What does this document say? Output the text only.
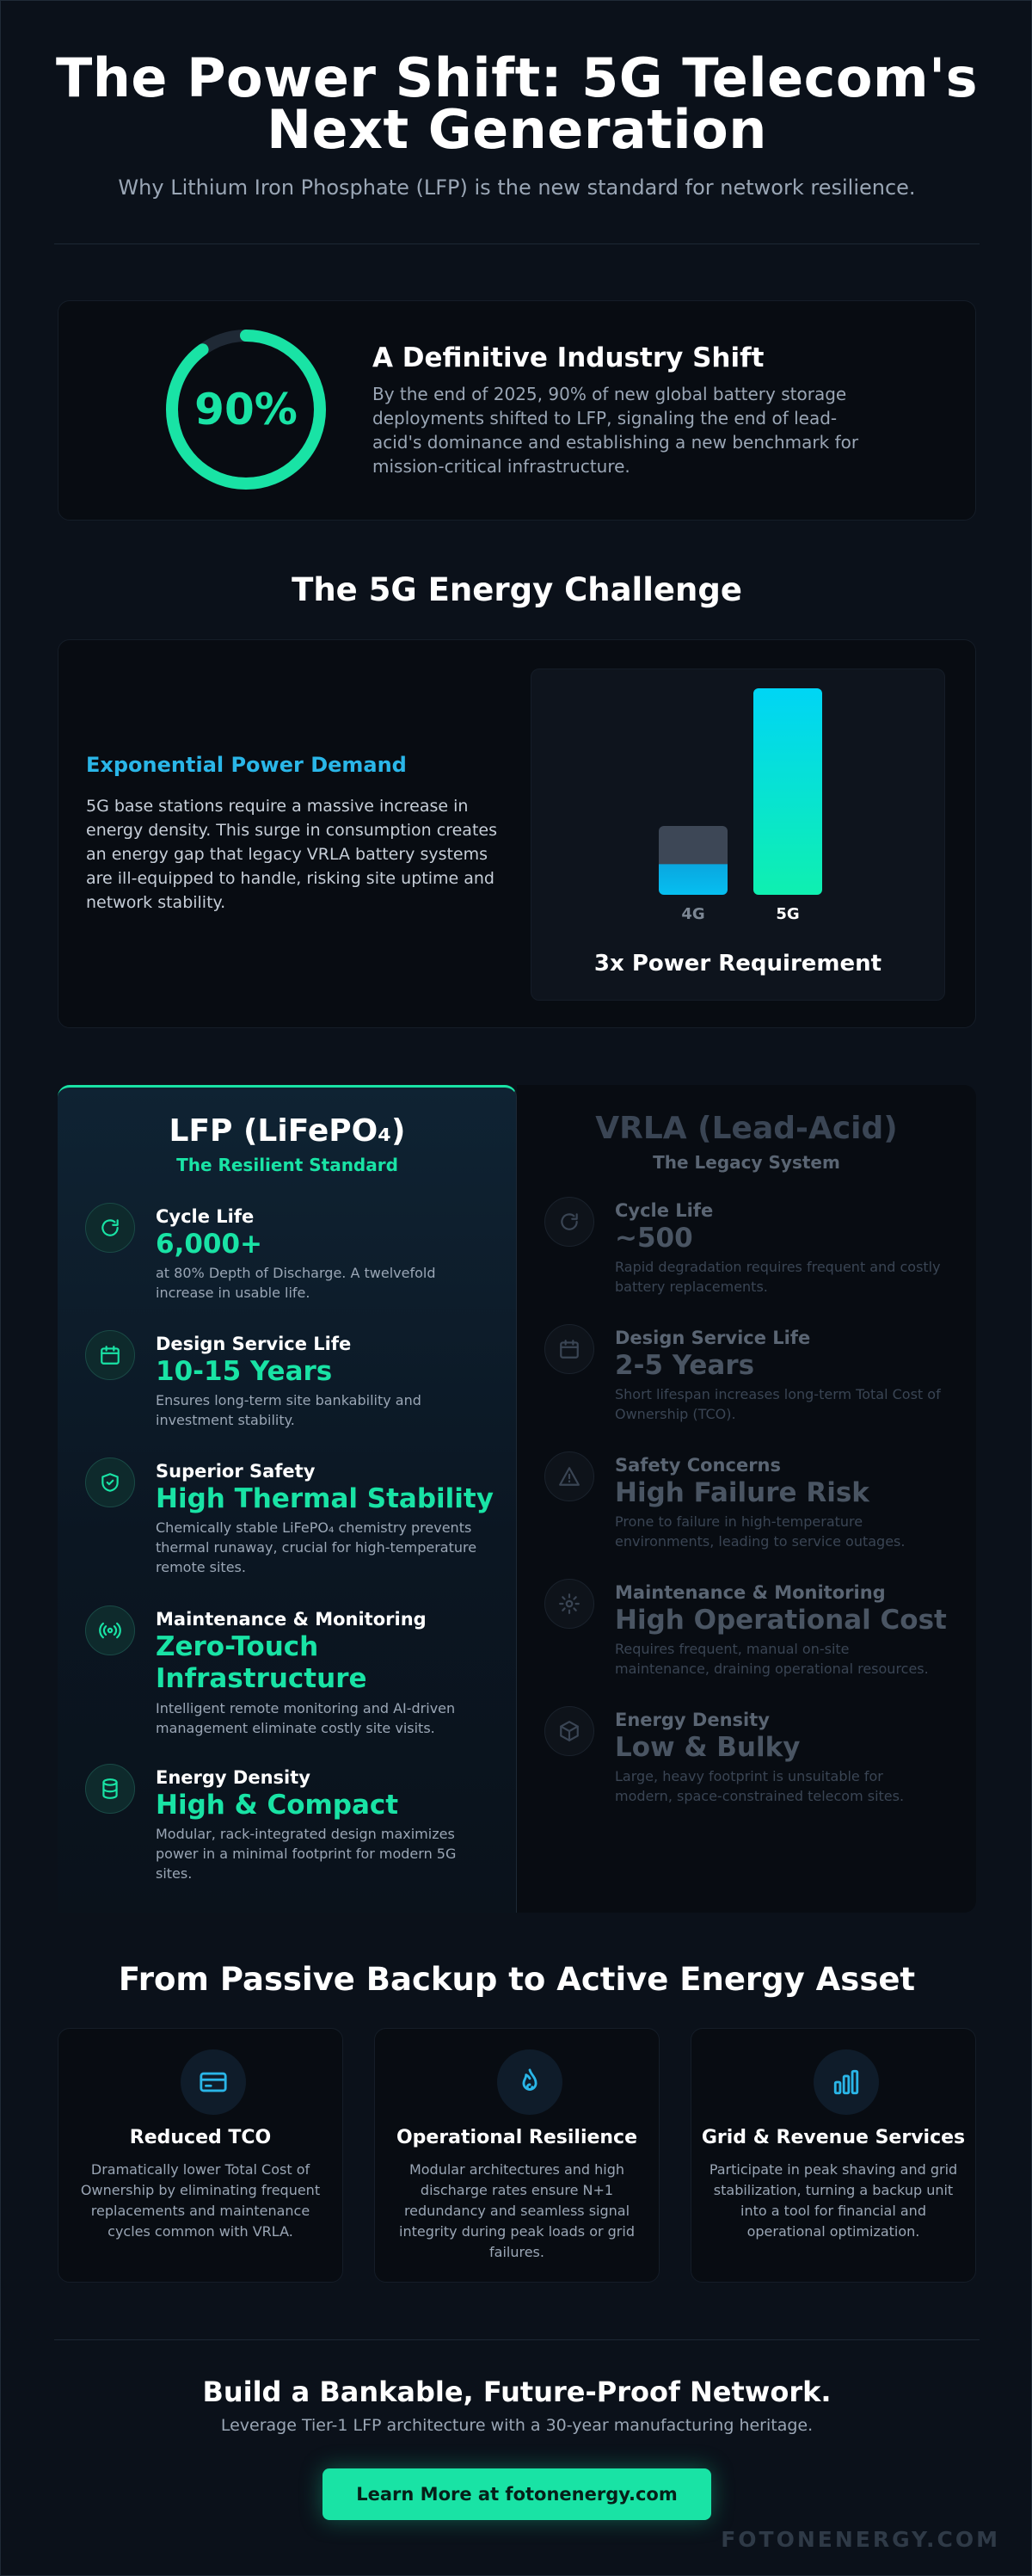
The Power Shift: 5G Telecom's Next Generation

Why Lithium Iron Phosphate (LFP) is the new standard for network resilience.

90%
A Definitive Industry Shift
By the end of 2025, 90% of new global battery storage deployments shifted to LFP, signaling the end of lead-acid's dominance and establishing a new benchmark for mission-critical infrastructure.
The 5G Energy Challenge
Exponential Power Demand
5G base stations require a massive increase in energy density. This surge in consumption creates an energy gap that legacy VRLA battery systems are ill-equipped to handle, risking site uptime and network stability.
4G	5G
3x Power Requirement
LFP (LiFePO₄)
The Resilient Standard
Cycle Life
6,000+
at 80% Depth of Discharge. A twelvefold increase in usable life.
Design Service Life
10-15 Years
Ensures long-term site bankability and investment stability.
Superior Safety
High Thermal Stability
Chemically stable LiFePO₄ chemistry prevents thermal runaway, crucial for high-temperature remote sites.
Maintenance & Monitoring
Zero-Touch Infrastructure
Intelligent remote monitoring and AI-driven management eliminate costly site visits.
Energy Density
High & Compact
Modular, rack-integrated design maximizes power in a minimal footprint for modern 5G sites.
VRLA (Lead-Acid)
The Legacy System
Cycle Life
~500
Rapid degradation requires frequent and costly battery replacements.
Design Service Life
2-5 Years
Short lifespan increases long-term Total Cost of Ownership (TCO).
Safety Concerns
High Failure Risk
Prone to failure in high-temperature environments, leading to service outages.
Maintenance & Monitoring
High Operational Cost
Requires frequent, manual on-site maintenance, draining operational resources.
Energy Density
Low & Bulky
Large, heavy footprint is unsuitable for modern, space-constrained telecom sites.
From Passive Backup to Active Energy Asset
Reduced TCO
Dramatically lower Total Cost of Ownership by eliminating frequent replacements and maintenance cycles common with VRLA.
Operational Resilience
Modular architectures and high discharge rates ensure N+1 redundancy and seamless signal integrity during peak loads or grid failures.
Grid & Revenue Services
Participate in peak shaving and grid stabilization, turning a backup unit into a tool for financial and operational optimization.
Build a Bankable, Future-Proof Network.
Leverage Tier-1 LFP architecture with a 30-year manufacturing heritage.
Learn More at fotonenergy.com
FOTONENERGY.COM
